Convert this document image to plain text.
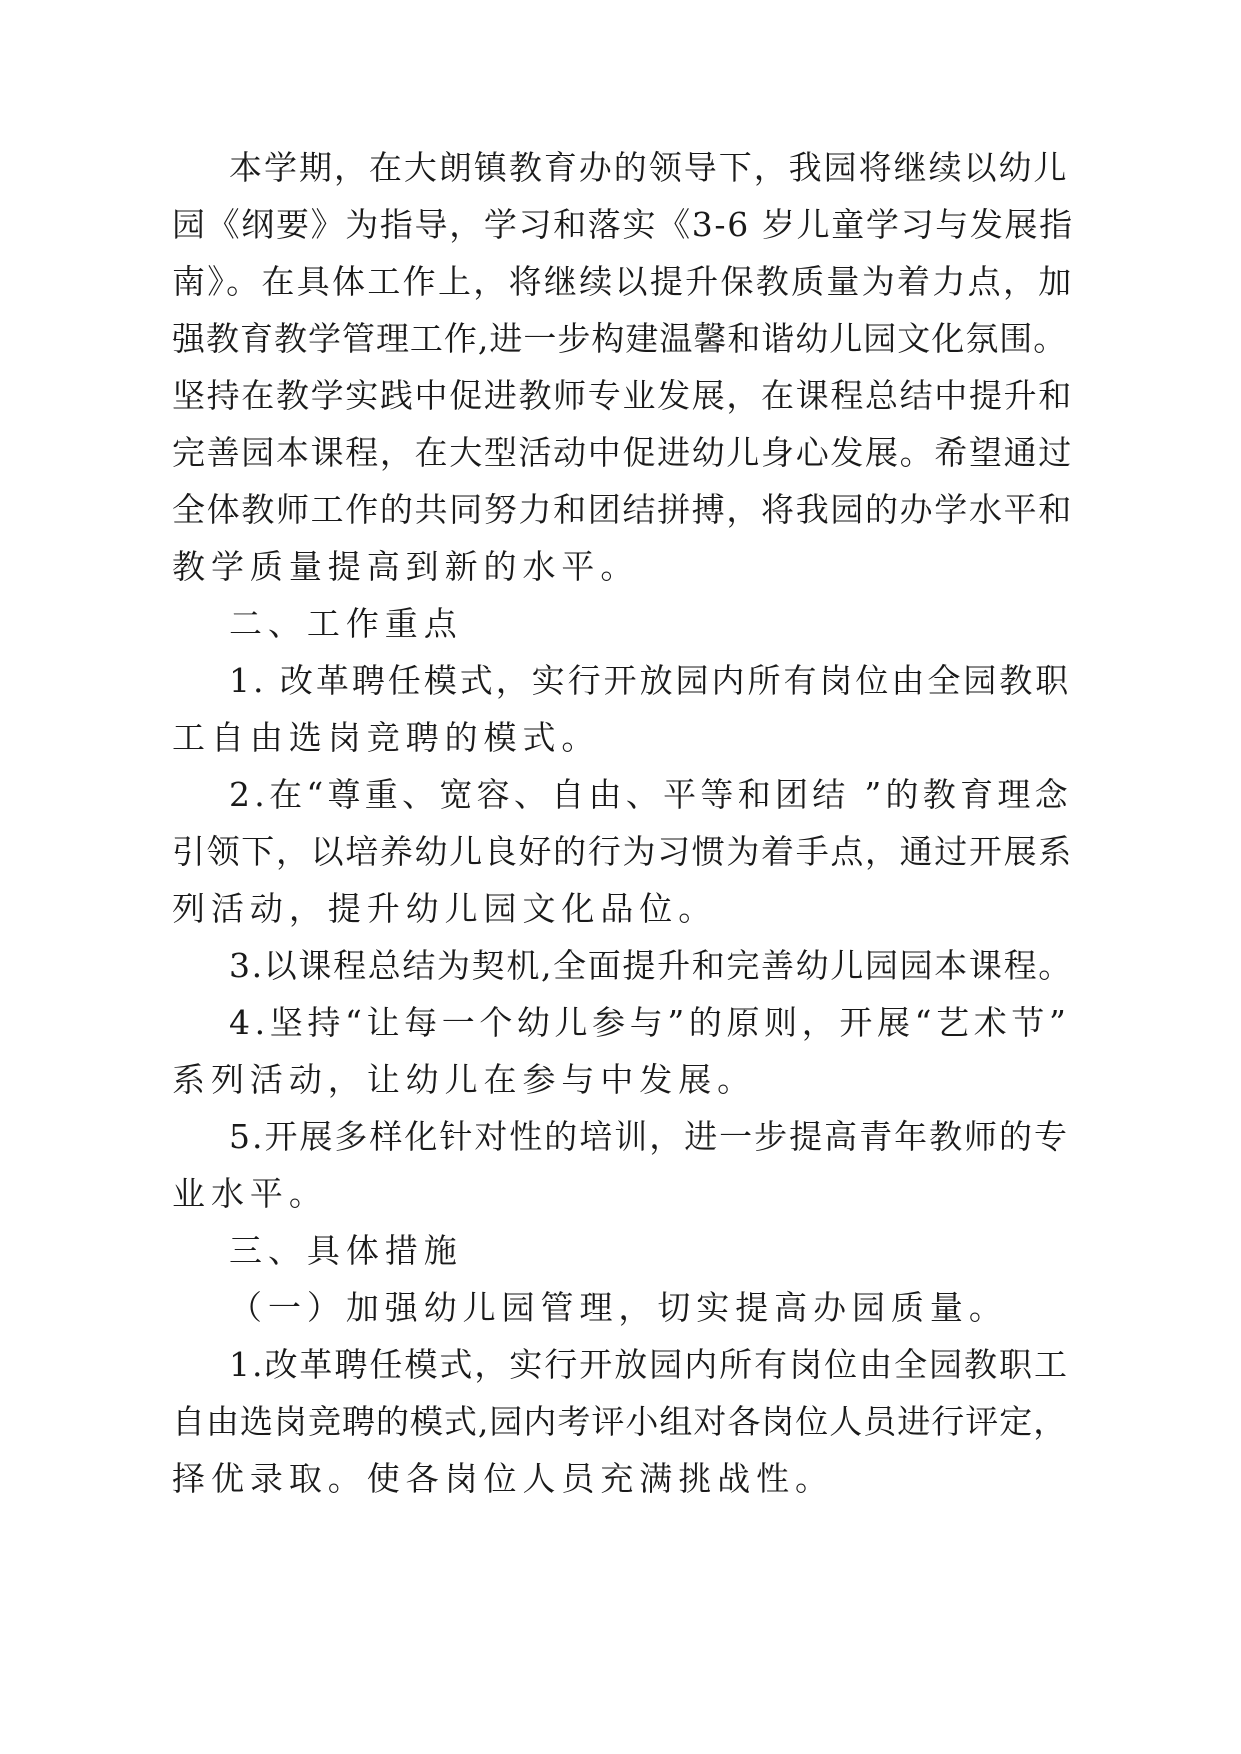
本学期，在大朗镇教育办的领导下，我园将继续以幼儿
园《纲要》为指导，学习和落实《3-6 岁儿童学习与发展指
南》。在具体工作上，将继续以提升保教质量为着力点，加
强教育教学管理工作,进一步构建温馨和谐幼儿园文化氛围。
坚持在教学实践中促进教师专业发展，在课程总结中提升和
完善园本课程，在大型活动中促进幼儿身心发展。希望通过
全体教师工作的共同努力和团结拼搏，将我园的办学水平和
教学质量提高到新的水平。
二、工作重点
1. 改革聘任模式，实行开放园内所有岗位由全园教职
工自由选岗竞聘的模式。
2.在“尊重、宽容、自由、平等和团结 ”的教育理念
引领下，以培养幼儿良好的行为习惯为着手点，通过开展系
列活动，提升幼儿园文化品位。
3.以课程总结为契机,全面提升和完善幼儿园园本课程。
4.坚持“让每一个幼儿参与”的原则，开展“艺术节”
系列活动，让幼儿在参与中发展。
5.开展多样化针对性的培训，进一步提高青年教师的专
业水平。
三、具体措施
（一）加强幼儿园管理，切实提高办园质量。
1.改革聘任模式，实行开放园内所有岗位由全园教职工
自由选岗竞聘的模式,园内考评小组对各岗位人员进行评定，
择优录取。使各岗位人员充满挑战性。
